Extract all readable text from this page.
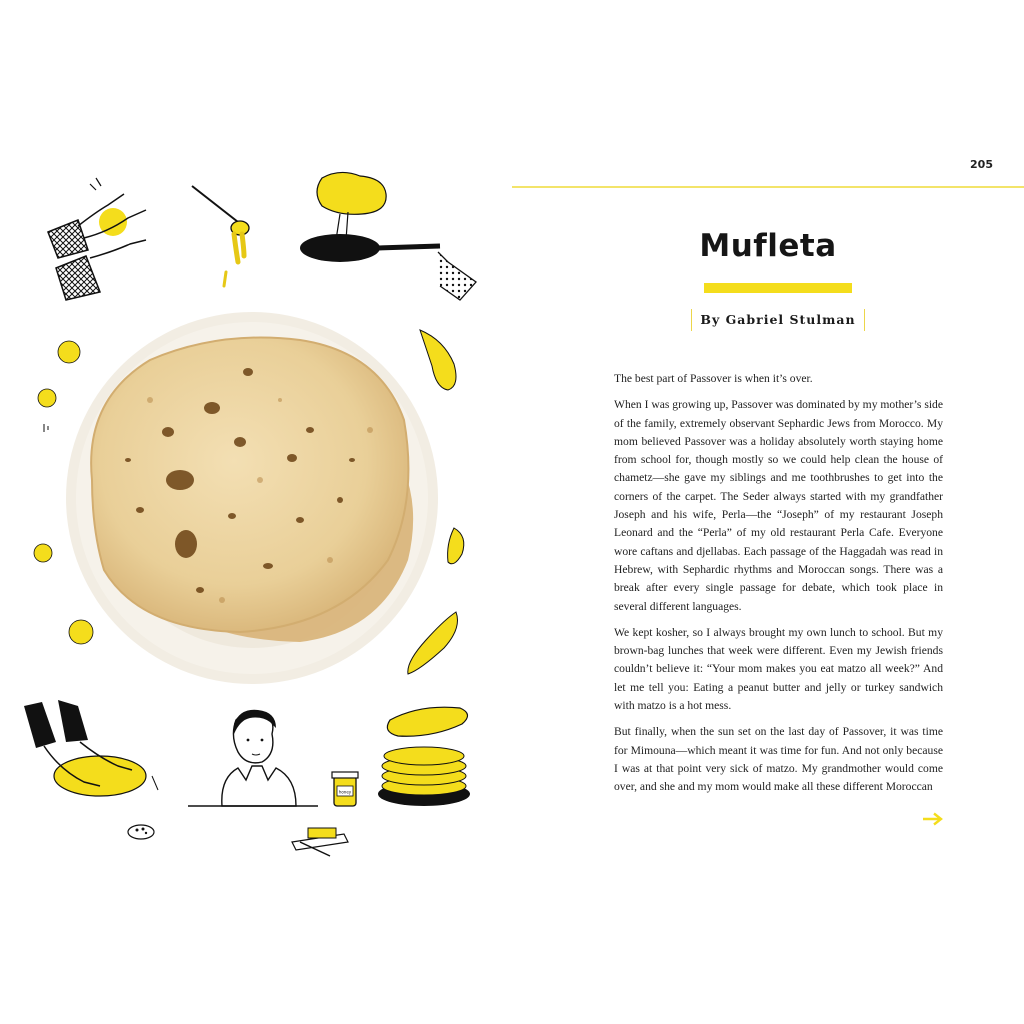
honey
205
Mufleta
By Gabriel Stulman

The best part of Passover is when it’s over.

When I was growing up, Passover was dominated by my mother’s side of the family, extremely observant Sephardic Jews from Morocco. My mom believed Passover was a holiday absolutely worth staying home from school for, though mostly so we could help clean the house of chametz—she gave my siblings and me toothbrushes to get into the corners of the carpet. The Seder always started with my grandfather Joseph and his wife, Perla—the “Joseph” of my restaurant Joseph Leonard and the “Perla” of my old restaurant Perla Cafe. Everyone wore caftans and djellabas. Each passage of the Haggadah was read in Hebrew, with Sephardic rhythms and Moroccan songs. There was a break after every single passage for debate, which took place in several different languages.

We kept kosher, so I always brought my own lunch to school. But my brown-bag lunches that week were different. Even my Jewish friends couldn’t believe it: “Your mom makes you eat matzo all week?” And let me tell you: Eating a peanut butter and jelly or turkey sandwich with matzo is a hot mess.

But finally, when the sun set on the last day of Passover, it was time for Mimouna—which meant it was time for fun. And not only because I was at that point very sick of matzo. My grandmother would come over, and she and my mom would make all these different Moroccan
